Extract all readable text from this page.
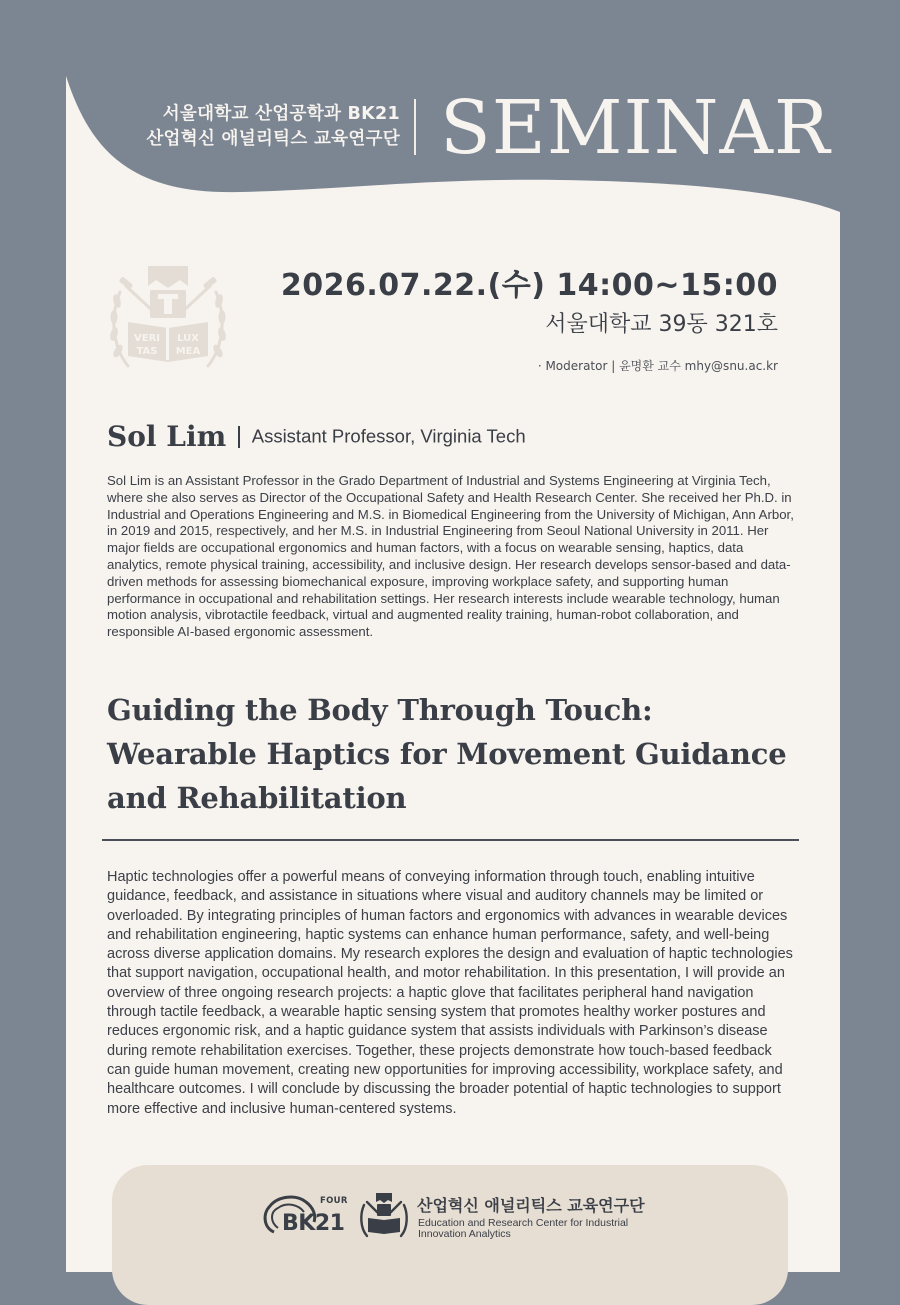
서울대학교 산업공학과 BK21
산업혁신 애널리틱스 교육연구단 SEMINAR
VERI LUX
TAS MEA
2026.07.22.(수) 14:00~15:00
서울대학교 39동 321호
· Moderator | 윤명환 교수 mhy@snu.ac.kr
Sol Lim Assistant Professor, Virginia Tech

Sol Lim is an Assistant Professor in the Grado Department of Industrial and Systems Engineering at Virginia Tech, where she also serves as Director of the Occupational Safety and Health Research Center. She received her Ph.D. in Industrial and Operations Engineering and M.S. in Biomedical Engineering from the University of Michigan, Ann Arbor, in 2019 and 2015, respectively, and her M.S. in Industrial Engineering from Seoul National University in 2011. Her major fields are occupational ergonomics and human factors, with a focus on wearable sensing, haptics, data analytics, remote physical training, accessibility, and inclusive design. Her research develops sensor-based and data-driven methods for assessing biomechanical exposure, improving workplace safety, and supporting human performance in occupational and rehabilitation settings. Her research interests include wearable technology, human motion analysis, vibrotactile feedback, virtual and augmented reality training, human-robot collaboration, and responsible AI-based ergonomic assessment.

Guiding the Body Through Touch:
Wearable Haptics for Movement Guidance
and Rehabilitation

Haptic technologies offer a powerful means of conveying information through touch, enabling intuitive guidance, feedback, and assistance in situations where visual and auditory channels may be limited or overloaded. By integrating principles of human factors and ergonomics with advances in wearable devices and rehabilitation engineering, haptic systems can enhance human performance, safety, and well-being across diverse application domains. My research explores the design and evaluation of haptic technologies that support navigation, occupational health, and motor rehabilitation. In this presentation, I will provide an overview of three ongoing research projects: a haptic glove that facilitates peripheral hand navigation through tactile feedback, a wearable haptic sensing system that promotes healthy worker postures and reduces ergonomic risk, and a haptic guidance system that assists individuals with Parkinson’s disease during remote rehabilitation exercises. Together, these projects demonstrate how touch-based feedback can guide human movement, creating new opportunities for improving accessibility, workplace safety, and healthcare outcomes. I will conclude by discussing the broader potential of haptic technologies to support more effective and inclusive human-centered systems.

FOUR
BK21
산업혁신 애널리틱스 교육연구단
Education and Research Center for Industrial
Innovation Analytics
